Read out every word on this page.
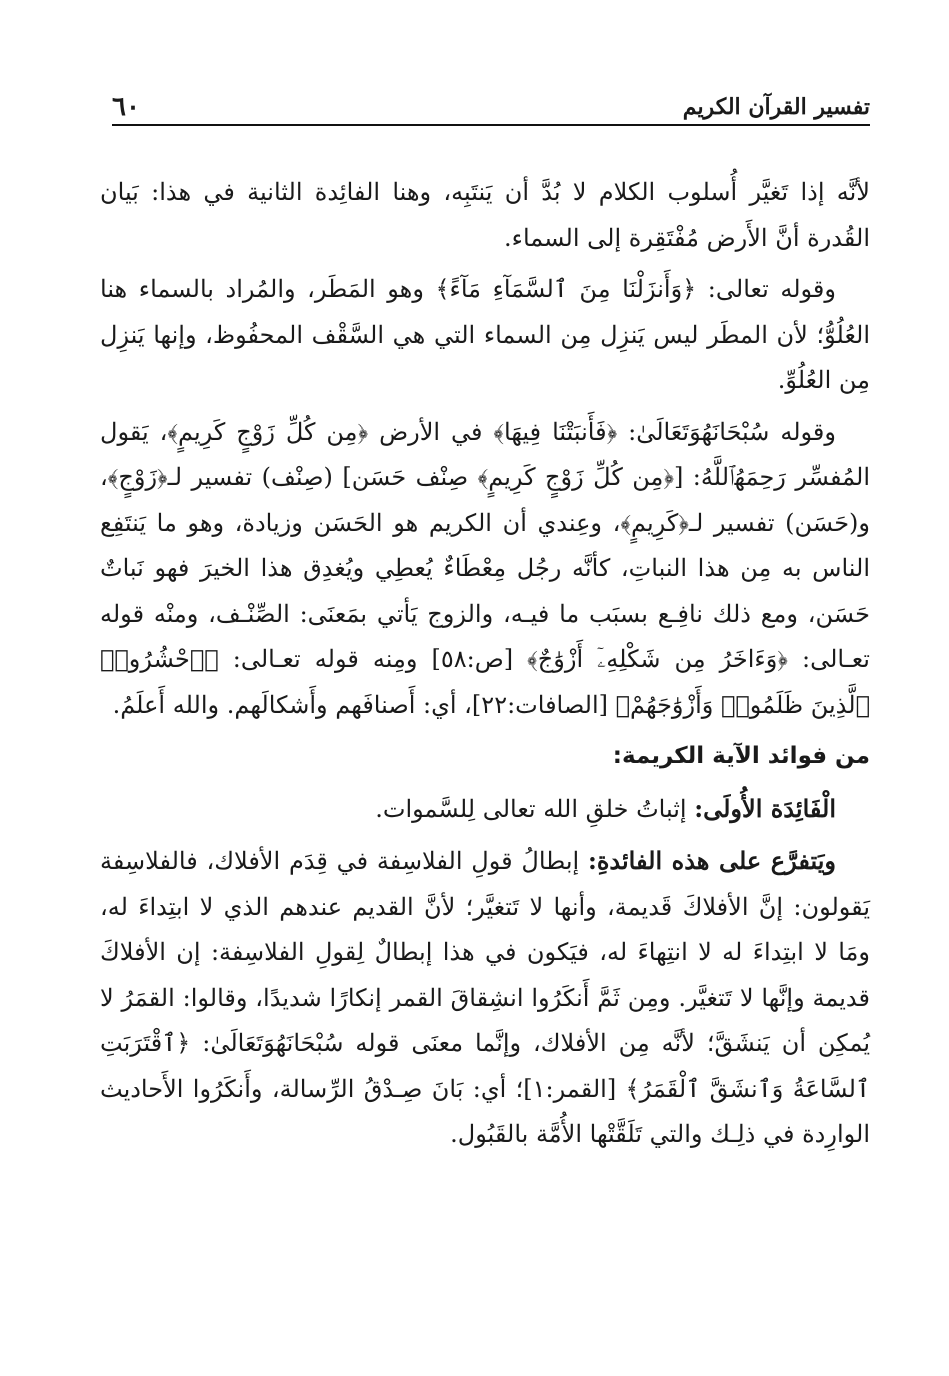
تفسير القرآن الكريم
٦٠

لأنَّه إذا تَغيَّر أُسلوب الكلام لا بُدَّ أن يَنتَبِه، وهنا الفائِدة الثانية في هذا: بَيان القُدرة أنَّ الأَرض مُفْتَقِرة إلى السماء.

وقوله تعالى: ﴿وَأَنزَلْنَا مِنَ ٱلسَّمَآءِ مَآءً﴾ وهو المَطَر، والمُراد بالسماء هنا العُلُوُّ؛ لأن المطَر ليس يَنزِل مِن السماء التي هي السَّقْف المحفُوظ، وإنها يَنزِل مِن العُلُوِّ.

وقوله سُبْحَانَهُوَتَعَالَىٰ: ﴿فَأَنبَتْنَا فِيهَا﴾ في الأرض ﴿مِن كُلِّ زَوْجٍ كَرِيمٍ﴾، يَقول المُفسِّر رَحِمَهُٱللَّهُ: [﴿مِن كُلِّ زَوْجٍ كَرِيمٍ﴾ صِنْف حَسَن] (صِنْف) تفسير لـ﴿زَوْجٍ﴾، و(حَسَن) تفسير لـ﴿كَرِيمٍ﴾، وعِندي أن الكريم هو الحَسَن وزيادة، وهو ما يَنتَفِع الناس به مِن هذا النباتِ، كأنَّه رجُل مِعْطَاءٌ يُعطِي ويُغدِق هذا الخيرَ فهو نَباتٌ حَسَن، ومع ذلك نافِـع بسبَب ما فيـه، والزوج يَأتي بمَعنَى: الصِّنْـف، ومنْه قوله تعـالى: ﴿وَءَاخَرُ مِن شَكْلِهِۦٓ أَزْوَٰجٌ﴾ [ص:٥٨] ومِنه قوله تعـالى: ﴿ٱحْشُرُوا۟ ٱلَّذِينَ ظَلَمُوا۟ وَأَزْوَٰجَهُمْ﴾ [الصافات:٢٢]، أي: أَصنافَهم وأَشكالَهم. والله أَعلَمُ.

من فوائد الآية الكريمة:

الْفَائِدَة الأُولَى: إثباتُ خلقِ الله تعالى لِلسَّموات.

ويَتفرَّع على هذه الفائدةِ: إبطالُ قولِ الفلاسِفة في قِدَم الأفلاك، فالفلاسِفة يَقولون: إنَّ الأفلاكَ قَديمة، وأنها لا تَتغيَّر؛ لأنَّ القديم عندهم الذي لا ابتِداءَ له، ومَا لا ابتِداءَ له لا انتِهاءَ له، فيَكون في هذا إبطالٌ لِقولِ الفلاسِفة: إن الأفلاكَ قديمة وإنَّها لا تَتغيَّر. ومِن ثَمَّ أَنكَرُوا انشِقاقَ القمر إنكارًا شديدًا، وقالوا: القمَرُ لا يُمكِن أن يَنشَقَّ؛ لأنَّه مِن الأفلاك، وإنَّما معنَى قوله سُبْحَانَهُوَتَعَالَىٰ: ﴿ٱقْتَرَبَتِ ٱلسَّاعَةُ وَٱنشَقَّ ٱلْقَمَرُ﴾ [القمر:١]؛ أي: بَانَ صِـدْقُ الرِّسالة، وأَنكَرُوا الأَحاديث الوارِدة في ذلِـك والتي تَلَقَّتْها الأُمَّة بالقَبُول.
